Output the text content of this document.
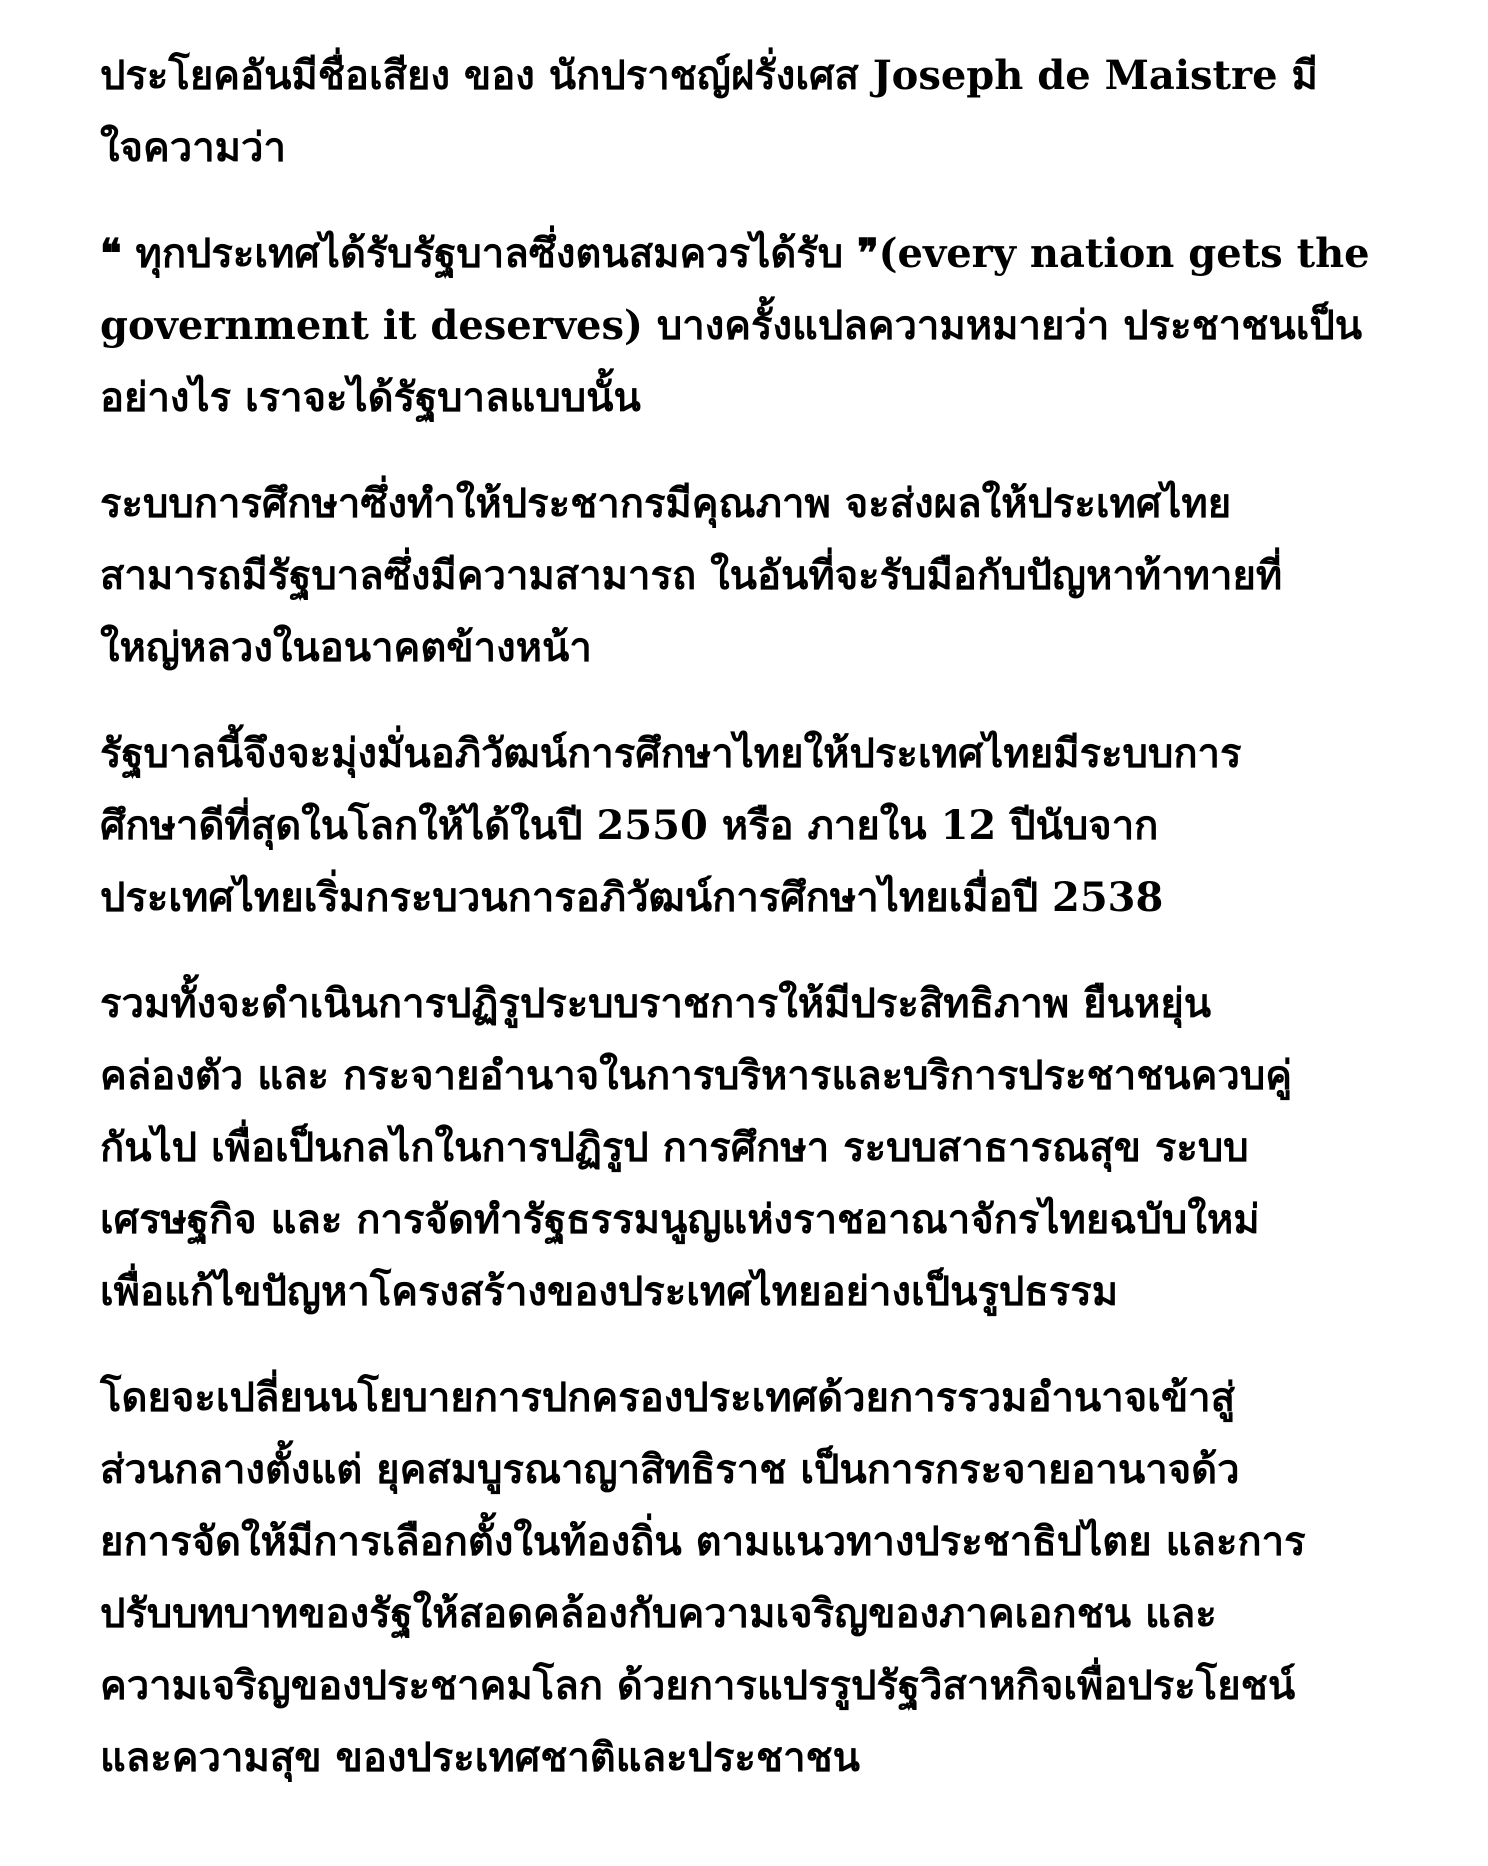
ประโยคอันมีชื่อเสียง ของ นักปราชญ์ฝรั่งเศส Joseph de Maistre มี
ใจความว่า

❝ ทุกประเทศได้รับรัฐบาลซึ่งตนสมควรได้รับ ❞(every nation gets the
government it deserves) บางครั้งแปลความหมายว่า ประชาชนเป็น
อย่างไร เราจะได้รัฐบาลแบบนั้น

ระบบการศึกษาซึ่งทำให้ประชากรมีคุณภาพ จะส่งผลให้ประเทศไทย
สามารถมีรัฐบาลซึ่งมีความสามารถ ในอันที่จะรับมือกับปัญหาท้าทายที่
ใหญ่หลวงในอนาคตข้างหน้า

รัฐบาลนี้จึงจะมุ่งมั่นอภิวัฒน์การศึกษาไทยให้ประเทศไทยมีระบบการ
ศึกษาดีที่สุดในโลกให้ได้ในปี 2550 หรือ ภายใน 12 ปีนับจาก
ประเทศไทยเริ่มกระบวนการอภิวัฒน์การศึกษาไทยเมื่อปี 2538

รวมทั้งจะดำเนินการปฏิรูประบบราชการให้มีประสิทธิภาพ ยืนหยุ่น
คล่องตัว และ กระจายอำนาจในการบริหารและบริการประชาชนควบคู่
กันไป เพื่อเป็นกลไกในการปฏิรูป การศึกษา ระบบสาธารณสุข ระบบ
เศรษฐกิจ และ การจัดทำรัฐธรรมนูญแห่งราชอาณาจักรไทยฉบับใหม่
เพื่อแก้ไขปัญหาโครงสร้างของประเทศไทยอย่างเป็นรูปธรรม

โดยจะเปลี่ยนนโยบายการปกครองประเทศด้วยการรวมอำนาจเข้าสู่
ส่วนกลางตั้งแต่ ยุคสมบูรณาญาสิทธิราช เป็นการกระจายอานาจด้ว
ยการจัดให้มีการเลือกตั้งในท้องถิ่น ตามแนวทางประชาธิปไตย และการ
ปรับบทบาทของรัฐให้สอดคล้องกับความเจริญของภาคเอกชน และ
ความเจริญของประชาคมโลก ด้วยการแปรรูปรัฐวิสาหกิจเพื่อประโยชน์
และความสุข ของประเทศชาติและประชาชน
